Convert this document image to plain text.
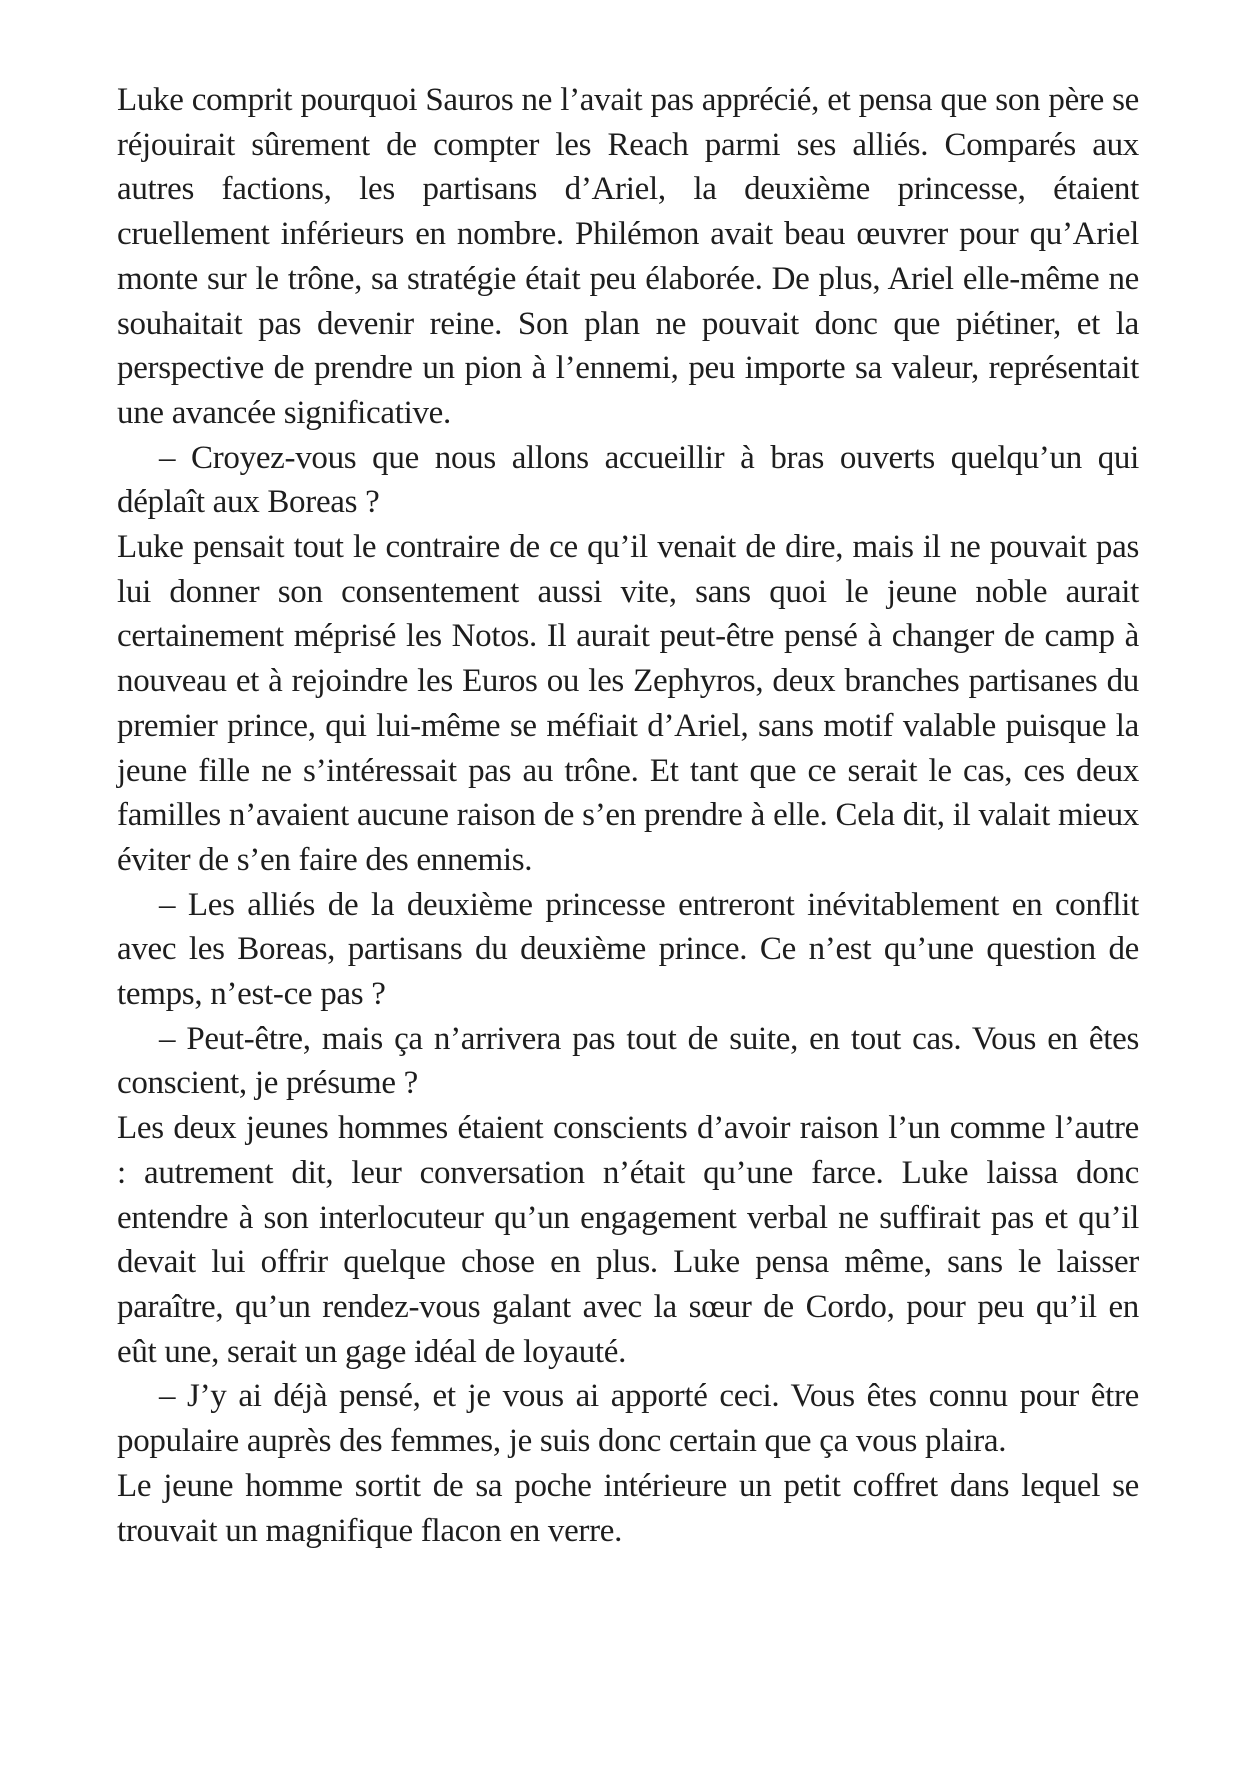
Luke comprit pourquoi Sauros ne l’avait pas apprécié, et pensa que son père se réjouirait sûrement de compter les Reach parmi ses alliés. Comparés aux autres factions, les partisans d’Ariel, la deuxième princesse, étaient cruellement inférieurs en nombre. Philémon avait beau œuvrer pour qu’Ariel monte sur le trône, sa stratégie était peu élaborée. De plus, Ariel elle-même ne souhaitait pas devenir reine. Son plan ne pouvait donc que piétiner, et la perspective de prendre un pion à l’ennemi, peu importe sa valeur, représentait une avancée significative.

– Croyez-vous que nous allons accueillir à bras ouverts quelqu’un qui déplaît aux Boreas ?

Luke pensait tout le contraire de ce qu’il venait de dire, mais il ne pouvait pas lui donner son consentement aussi vite, sans quoi le jeune noble aurait certainement méprisé les Notos. Il aurait peut-être pensé à changer de camp à nouveau et à rejoindre les Euros ou les Zephyros, deux branches partisanes du premier prince, qui lui-même se méfiait d’Ariel, sans motif valable puisque la jeune fille ne s’intéressait pas au trône. Et tant que ce serait le cas, ces deux familles n’avaient aucune raison de s’en prendre à elle. Cela dit, il valait mieux éviter de s’en faire des ennemis.

– Les alliés de la deuxième princesse entreront inévitablement en conflit avec les Boreas, partisans du deuxième prince. Ce n’est qu’une question de temps, n’est-ce pas ?

– Peut-être, mais ça n’arrivera pas tout de suite, en tout cas. Vous en êtes conscient, je présume ?

Les deux jeunes hommes étaient conscients d’avoir raison l’un comme l’autre : autrement dit, leur conversation n’était qu’une farce. Luke laissa donc entendre à son interlocuteur qu’un engagement verbal ne suffirait pas et qu’il devait lui offrir quelque chose en plus. Luke pensa même, sans le laisser paraître, qu’un rendez-vous galant avec la sœur de Cordo, pour peu qu’il en eût une, serait un gage idéal de loyauté.

– J’y ai déjà pensé, et je vous ai apporté ceci. Vous êtes connu pour être populaire auprès des femmes, je suis donc certain que ça vous plaira.

Le jeune homme sortit de sa poche intérieure un petit coffret dans lequel se trouvait un magnifique flacon en verre.
